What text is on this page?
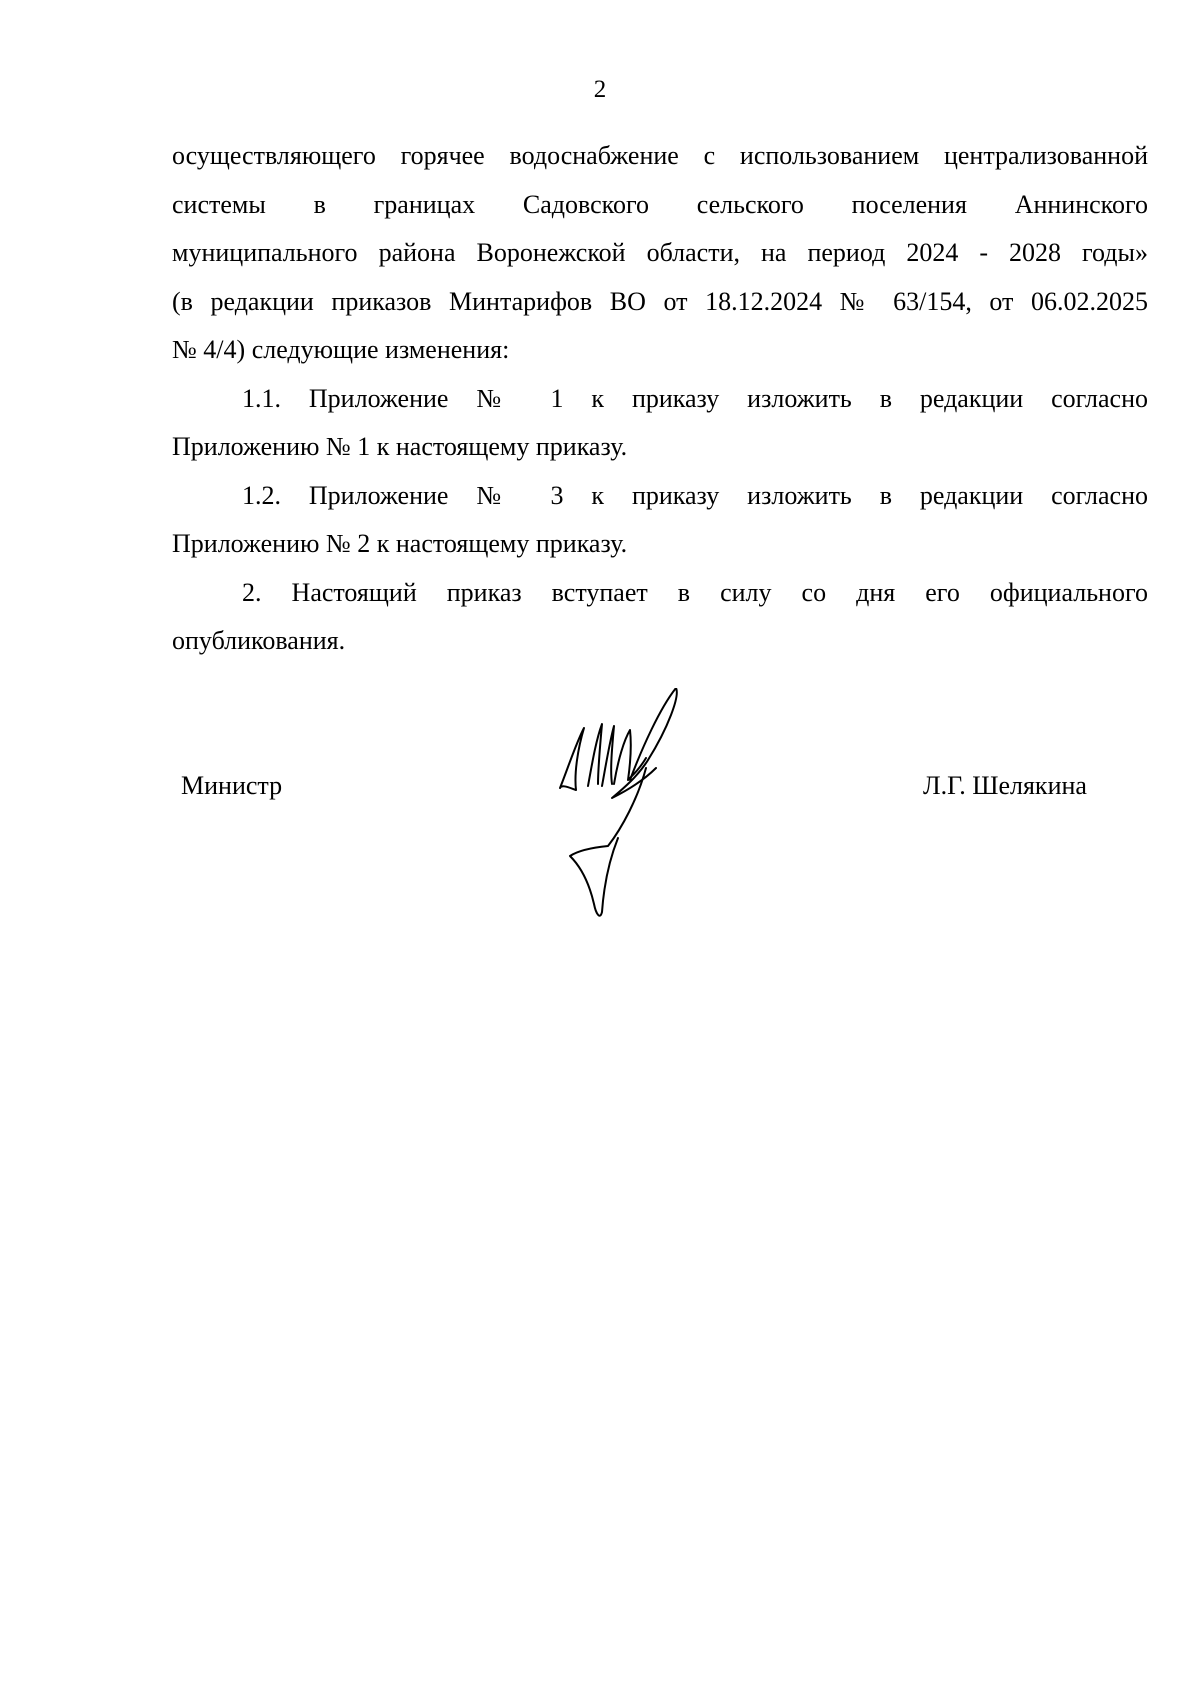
2

осуществляющего горячее водоснабжение с использованием централизованной
системы в границах Садовского сельского поселения Аннинского
муниципального района Воронежской области, на период 2024 - 2028 годы»
(в редакции приказов Минтарифов ВО от 18.12.2024 № 63/154, от 06.02.2025
№ 4/4) следующие изменения:

1.1. Приложение № 1 к приказу изложить в редакции согласно
Приложению № 1 к настоящему приказу.

1.2. Приложение № 3 к приказу изложить в редакции согласно
Приложению № 2 к настоящему приказу.

2. Настоящий приказ вступает в силу со дня его официального
опубликования.

Министр	Л.Г. Шелякина
